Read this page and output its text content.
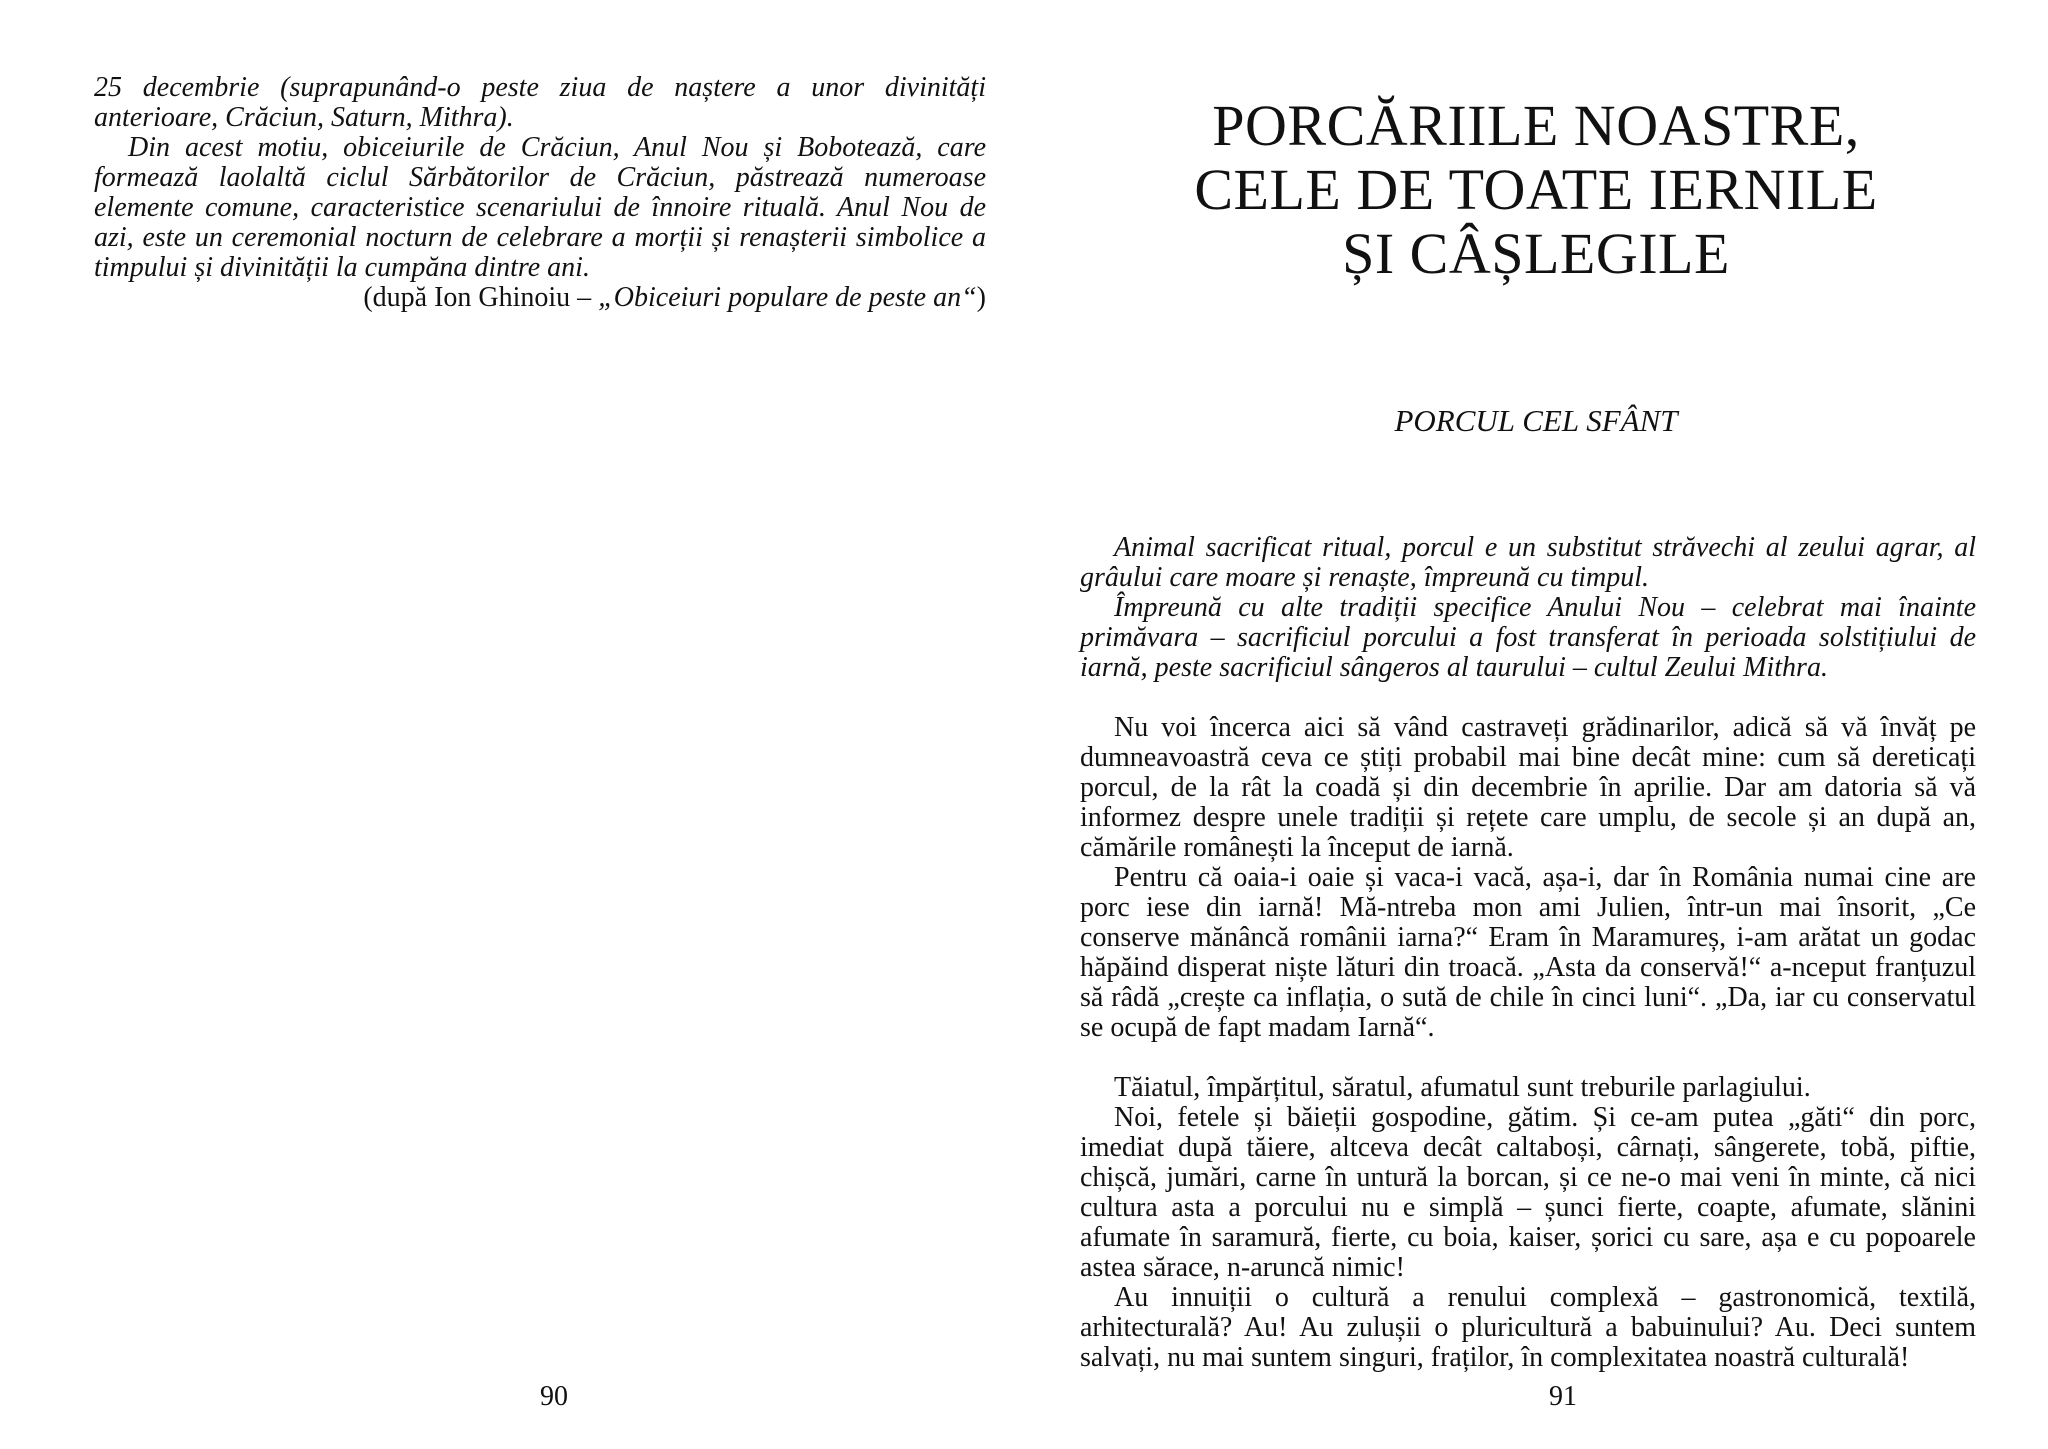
25 decembrie (suprapunând-o peste ziua de naștere a unor divinități anterioare, Crăciun, Saturn, Mithra).

Din acest motiu, obiceiurile de Crăciun, Anul Nou și Bobotează, care formează laolaltă ciclul Sărbătorilor de Crăciun, păstrează numeroase elemente comune, caracteristice scenariului de înnoire rituală. Anul Nou de azi, este un ceremonial nocturn de celebrare a morții și renașterii simbolice a timpului și divinității la cumpăna dintre ani.

(după Ion Ghinoiu – „Obiceiuri populare de peste an“)

90
PORCĂRIILE NOASTRE,
CELE DE TOATE IERNILE
ȘI CÂȘLEGILE
PORCUL CEL SFÂNT

Animal sacrificat ritual, porcul e un substitut străvechi al zeului agrar, al grâului care moare și renaște, împreună cu timpul.

Împreună cu alte tradiții specifice Anului Nou – celebrat mai înainte primăvara – sacrificiul porcului a fost transferat în perioada solstițiului de iarnă, peste sacrificiul sângeros al taurului – cultul Zeului Mithra.

Nu voi încerca aici să vând castraveți grădinarilor, adică să vă învăț pe dumneavoastră ceva ce știți probabil mai bine decât mine: cum să dereticați porcul, de la rât la coadă și din decembrie în aprilie. Dar am datoria să vă informez despre unele tradiții și rețete care umplu, de secole și an după an, cămările românești la început de iarnă.

Pentru că oaia-i oaie și vaca-i vacă, așa-i, dar în România numai cine are porc iese din iarnă! Mă-ntreba mon ami Julien, într-un mai însorit, „Ce conserve mănâncă românii iarna?“ Eram în Maramureș, i-am arătat un godac hăpăind disperat niște lături din troacă. „Asta da conservă!“ a-nceput franțuzul să râdă „crește ca inflația, o sută de chile în cinci luni“. „Da, iar cu conservatul se ocupă de fapt madam Iarnă“.

Tăiatul, împărțitul, săratul, afumatul sunt treburile parlagiului.

Noi, fetele și băieții gospodine, gătim. Și ce-am putea „găti“ din porc, imediat după tăiere, altceva decât caltaboși, cârnați, sângerete, tobă, piftie, chișcă, jumări, carne în untură la borcan, și ce ne-o mai veni în minte, că nici cultura asta a porcului nu e simplă – șunci fierte, coapte, afumate, slănini afumate în saramură, fierte, cu boia, kaiser, șorici cu sare, așa e cu popoarele astea sărace, n-aruncă nimic!

Au innuiții o cultură a renului complexă – gastronomică, textilă, arhitecturală? Au! Au zulușii o pluricultură a babuinului? Au. Deci suntem salvați, nu mai suntem singuri, fraților, în complexitatea noastră culturală!

91
